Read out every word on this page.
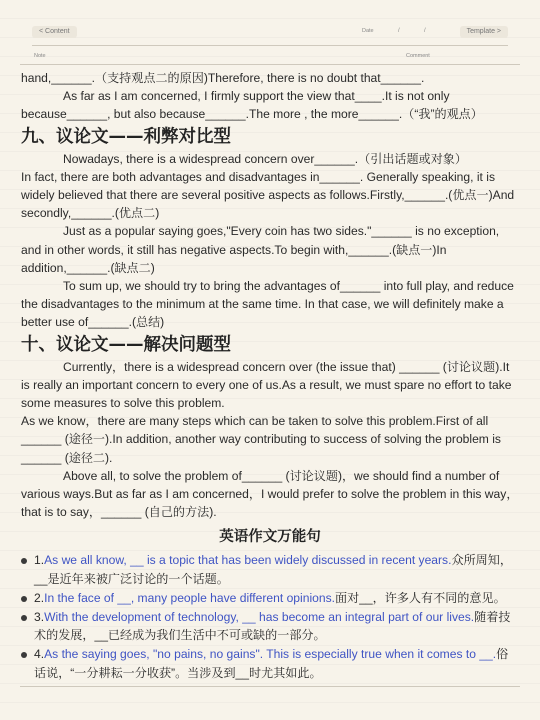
< Content	Date	/	/	Template >
Note	Comment

hand,______.（支持观点二的原因)Therefore, there is no doubt that______.

As far as I am concerned, I firmly support the view that____.It is not only because______, but also because______.The more , the more______.（“我”的观点）

九、议论文——利弊对比型

Nowadays, there is a widespread concern over______.（引出话题或对象）

In fact, there are both advantages and disadvantages in______. Generally speaking, it is widely believed that there are several positive aspects as follows.Firstly,______.(优点一)And secondly,______.(优点二)

Just as a popular saying goes,"Every coin has two sides."______ is no exception, and in other words, it still has negative aspects.To begin with,______.(缺点一)In addition,______.(缺点二)

To sum up, we should try to bring the advantages of______ into full play, and reduce the disadvantages to the minimum at the same time. In that case, we will definitely make a better use of______.(总结)

十、议论文——解决问题型

Currently，there is a widespread concern over (the issue that) ______ (讨论议题).It is really an important concern to every one of us.As a result, we must spare no effort to take some measures to solve this problem.

As we know，there are many steps which can be taken to solve this problem.First of all ______ (途径一).In addition, another way contributing to success of solving the problem is ______ (途径二).

Above all, to solve the problem of______ (讨论议题)，we should find a number of various ways.But as far as I am concerned，I would prefer to solve the problem in this way，that is to say，______ (自己的方法).

英语作文万能句
1.As we all know, __ is a topic that has been widely discussed in recent years.众所周知，__是近年来被广泛讨论的一个话题。
2.In the face of __, many people have different opinions.面对__，许多人有不同的意见。
3.With the development of technology, __ has become an integral part of our lives.随着技术的发展，__已经成为我们生活中不可或缺的一部分。
4.As the saying goes, "no pains, no gains". This is especially true when it comes to __.俗话说，“一分耕耘一分收获”。当涉及到__时尤其如此。
